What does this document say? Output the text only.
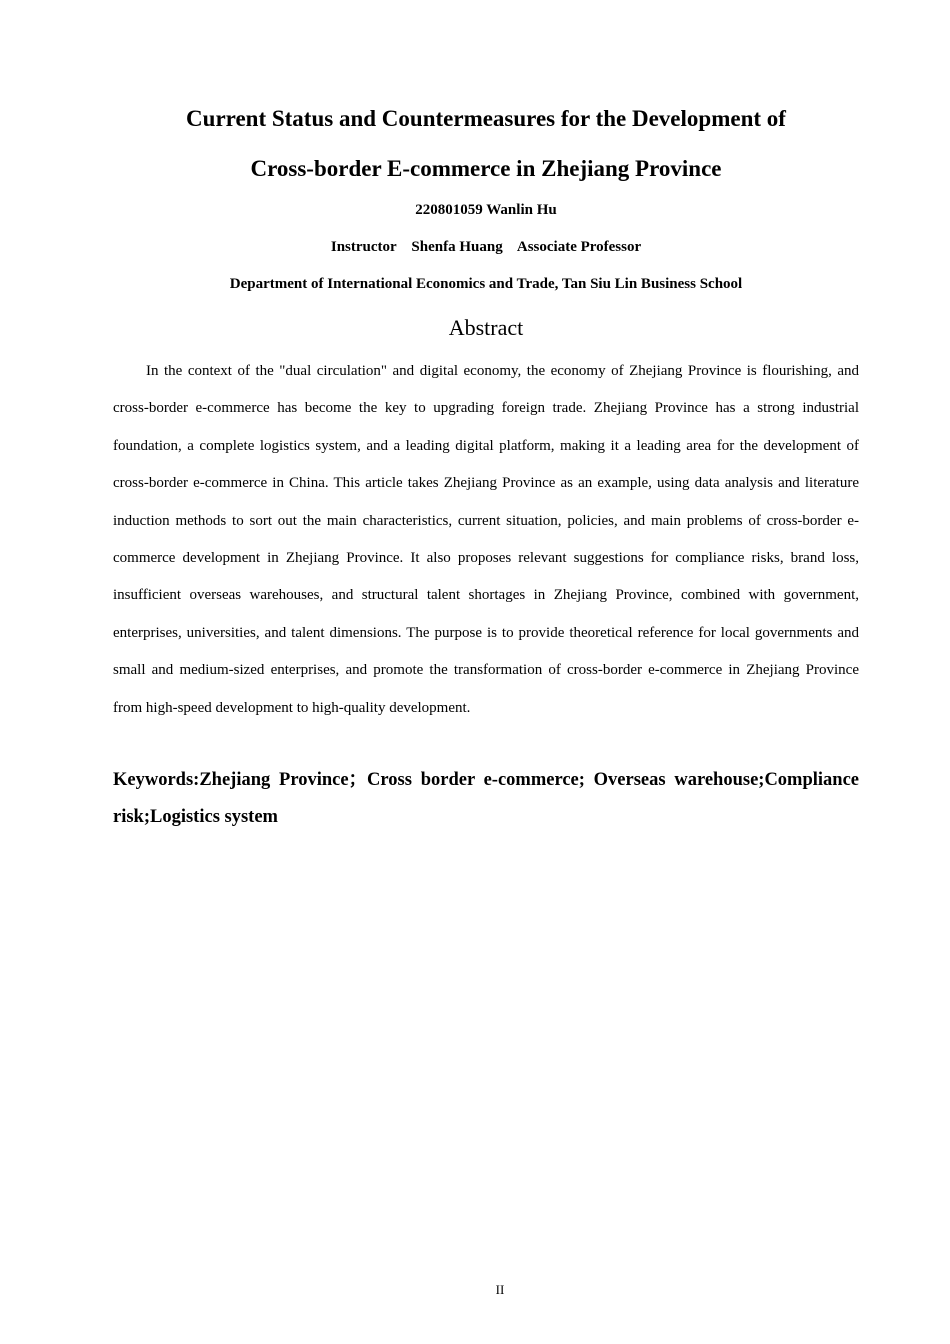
Current Status and Countermeasures for the Development of
Cross-border E-commerce in Zhejiang Province
220801059 Wanlin Hu
Instructor    Shenfa Huang    Associate Professor
Department of International Economics and Trade, Tan Siu Lin Business School
Abstract

In the context of the "dual circulation" and digital economy, the economy of Zhejiang Province is flourishing, and cross-border e-commerce has become the key to upgrading foreign trade. Zhejiang Province has a strong industrial foundation, a complete logistics system, and a leading digital platform, making it a leading area for the development of cross-border e-commerce in China. This article takes Zhejiang Province as an example, using data analysis and literature induction methods to sort out the main characteristics, current situation, policies, and main problems of cross-border e-commerce development in Zhejiang Province. It also proposes relevant suggestions for compliance risks, brand loss, insufficient overseas warehouses, and structural talent shortages in Zhejiang Province, combined with government, enterprises, universities, and talent dimensions. The purpose is to provide theoretical reference for local governments and small and medium-sized enterprises, and promote the transformation of cross-border e-commerce in Zhejiang Province from high-speed development to high-quality development.

Keywords:Zhejiang Province；Cross border e-commerce; Overseas warehouse;Compliance risk;Logistics system

II
